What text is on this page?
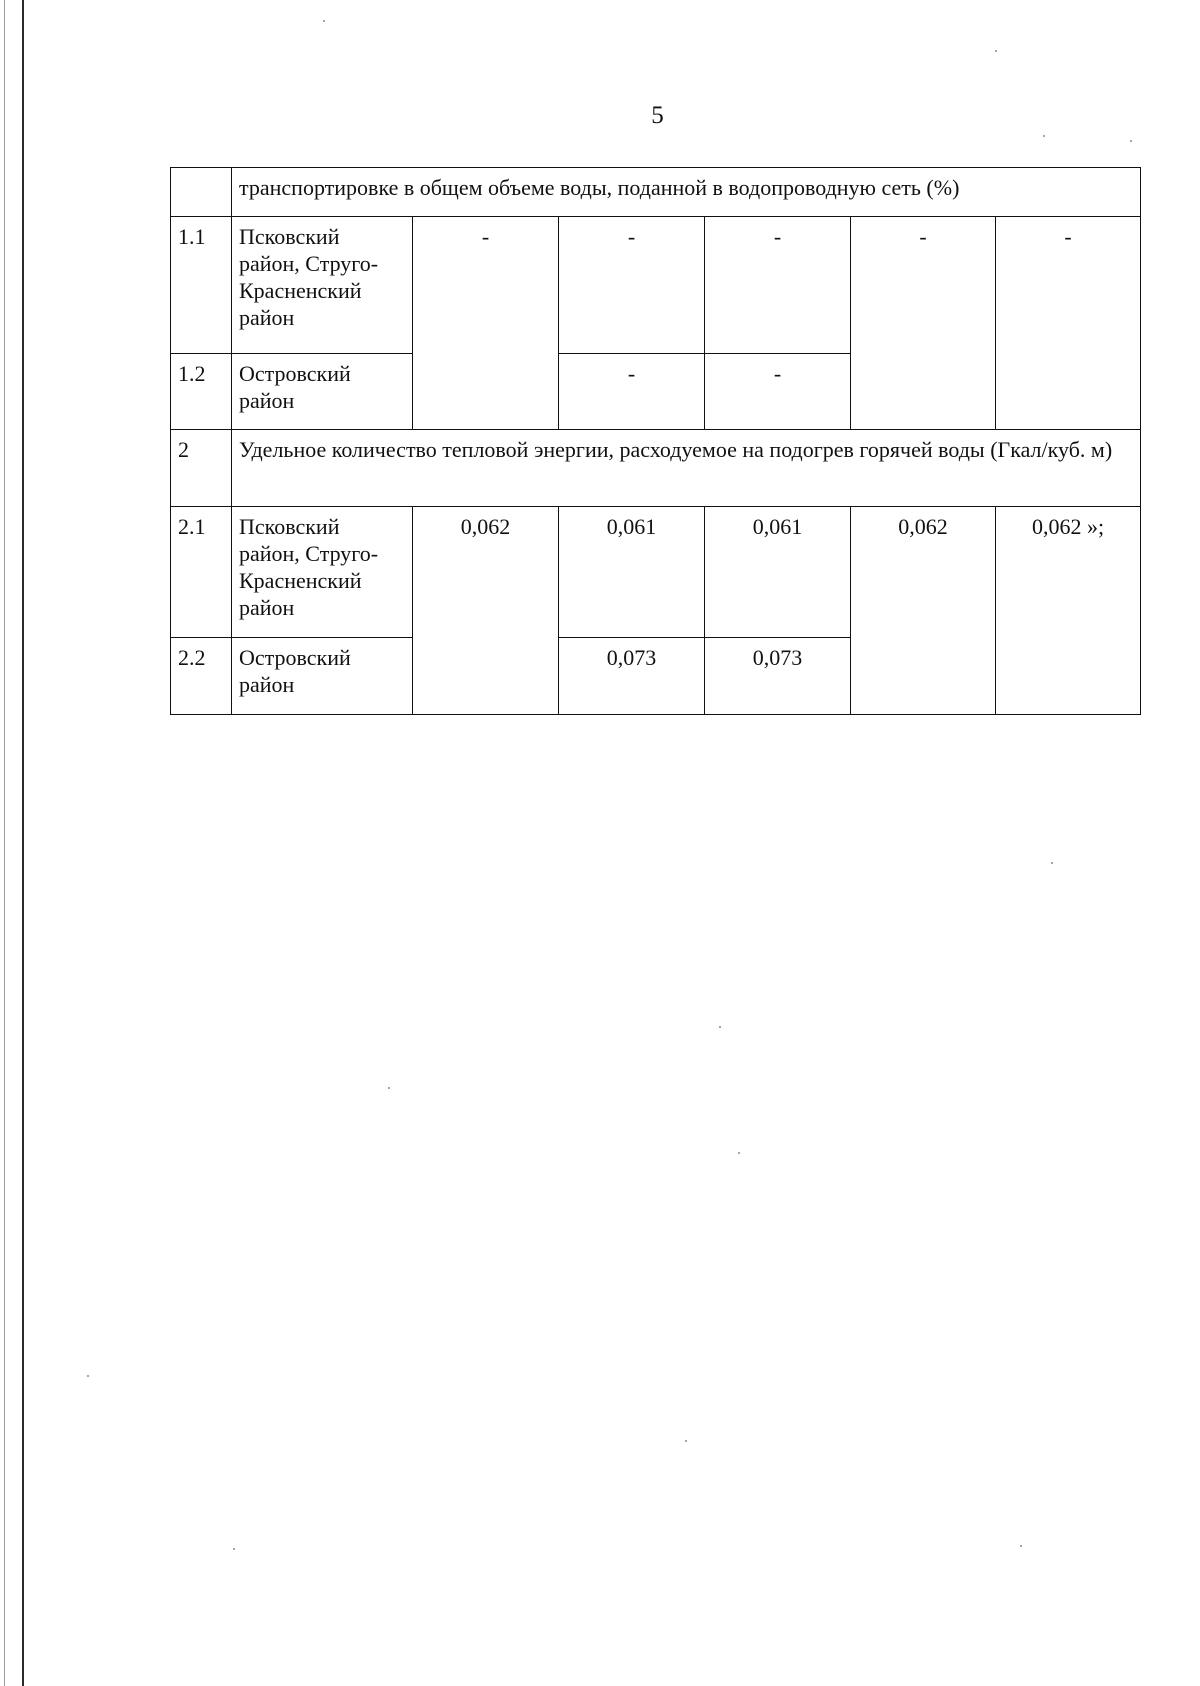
5
	транспортировке в общем объеме воды, поданной в водопроводную сеть (%)					
1.1	Псковский район, Струго-Красненский район	-	-	-	-	-
1.2	Островский район		-	-		
2	Удельное количество тепловой энергии, расходуемое на подогрев горячей воды (Гкал/куб. м)					
2.1	Псковский район, Струго-Красненский район	0,062	0,061	0,061	0,062	0,062 »;
2.2	Островский район		0,073	0,073		
